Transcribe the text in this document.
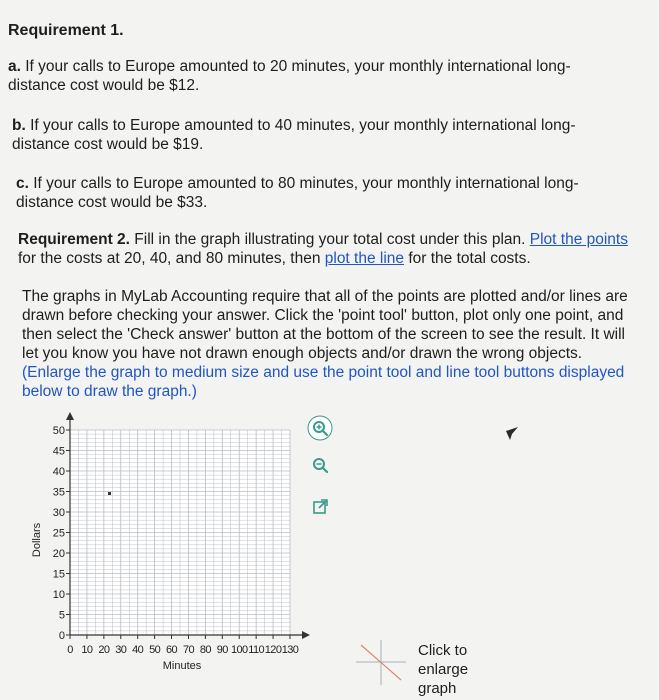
Requirement 1.
a. If your calls to Europe amounted to 20 minutes, your monthly international long-distance cost would be $12.
b. If your calls to Europe amounted to 40 minutes, your monthly international long-distance cost would be $19.
c. If your calls to Europe amounted to 80 minutes, your monthly international long-distance cost would be $33.
Requirement 2. Fill in the graph illustrating your total cost under this plan. Plot the points for the costs at 20, 40, and 80 minutes, then plot the line for the total costs.
The graphs in MyLab Accounting require that all of the points are plotted and/or lines are drawn before checking your answer. Click the 'point tool' button, plot only one point, and then select the 'Check answer' button at the bottom of the screen to see the result. It will let you know you have not drawn enough objects and/or drawn the wrong objects. (Enlarge the graph to medium size and use the point tool and line tool buttons displayed below to draw the graph.)
0
5
10
15
20
25
30
35
40
45
50
0 10 20 30 40 50 60 70 80 90 100 110 120 130
Dollars
Minutes
Click to enlarge graph
